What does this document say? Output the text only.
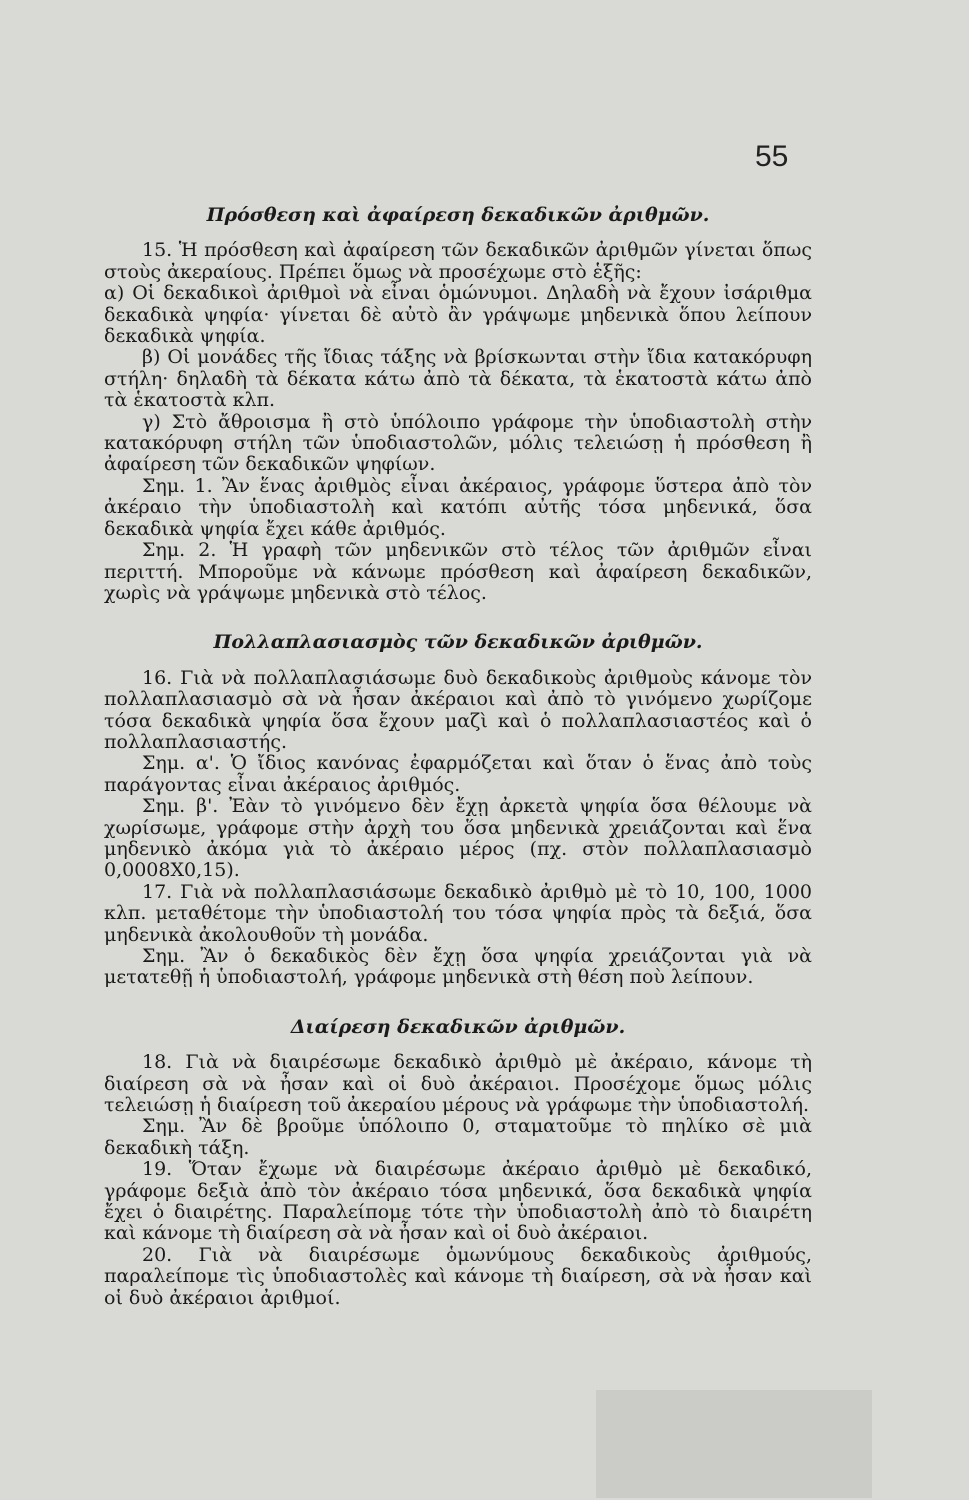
55
Πρόσθεση καὶ ἀφαίρεση δεκαδικῶν ἀριθμῶν.

15. Ἡ πρόσθεση καὶ ἀφαίρεση τῶν δεκαδικῶν ἀριθμῶν γίνεται ὅπως στοὺς ἀκεραίους. Πρέπει ὅμως νὰ προσέχωμε στὸ ἑξῆς:

α) Οἱ δεκαδικοὶ ἀριθμοὶ νὰ εἶναι ὁμώνυμοι. Δηλαδὴ νὰ ἔχουν ἰσάριθμα δεκαδικὰ ψηφία· γίνεται δὲ αὐτὸ ἂν γράψωμε μηδενικὰ ὅπου λείπουν δεκαδικὰ ψηφία.

β) Οἱ μονάδες τῆς ἴδιας τάξης νὰ βρίσκωνται στὴν ἴδια κατακόρυφη στήλη· δηλαδὴ τὰ δέκατα κάτω ἀπὸ τὰ δέκατα, τὰ ἑκατοστὰ κάτω ἀπὸ τὰ ἑκατοστὰ κλπ.

γ) Στὸ ἄθροισμα ἢ στὸ ὑπόλοιπο γράφομε τὴν ὑποδιαστολὴ στὴν κατακόρυφη στήλη τῶν ὑποδιαστολῶν, μόλις τελειώσῃ ἡ πρόσθεση ἢ ἀφαίρεση τῶν δεκαδικῶν ψηφίων.

Σημ. 1. Ἂν ἕνας ἀριθμὸς εἶναι ἀκέραιος, γράφομε ὕστερα ἀπὸ τὸν ἀκέραιο τὴν ὑποδιαστολὴ καὶ κατόπι αὐτῆς τόσα μηδενικά, ὅσα δεκαδικὰ ψηφία ἔχει κάθε ἀριθμός.

Σημ. 2. Ἡ γραφὴ τῶν μηδενικῶν στὸ τέλος τῶν ἀριθμῶν εἶναι περιττή. Μποροῦμε νὰ κάνωμε πρόσθεση καὶ ἀφαίρεση δεκαδικῶν, χωρὶς νὰ γράψωμε μηδενικὰ στὸ τέλος.

Πολλαπλασιασμὸς τῶν δεκαδικῶν ἀριθμῶν.

16. Γιὰ νὰ πολλαπλασιάσωμε δυὸ δεκαδικοὺς ἀριθμοὺς κάνομε τὸν πολλαπλασιασμὸ σὰ νὰ ἦσαν ἀκέραιοι καὶ ἀπὸ τὸ γινόμενο χωρίζομε τόσα δεκαδικὰ ψηφία ὅσα ἔχουν μαζὶ καὶ ὁ πολλαπλασιαστέος καὶ ὁ πολλαπλασιαστής.

Σημ. α'. Ὁ ἴδιος κανόνας ἐφαρμόζεται καὶ ὅταν ὁ ἕνας ἀπὸ τοὺς παράγοντας εἶναι ἀκέραιος ἀριθμός.

Σημ. β'. Ἐὰν τὸ γινόμενο δὲν ἔχῃ ἀρκετὰ ψηφία ὅσα θέλουμε νὰ χωρίσωμε, γράφομε στὴν ἀρχὴ του ὅσα μηδενικὰ χρειάζονται καὶ ἕνα μηδενικὸ ἀκόμα γιὰ τὸ ἀκέραιο μέρος (πχ. στὸν πολλαπλασιασμὸ 0,0008Χ0,15).

17. Γιὰ νὰ πολλαπλασιάσωμε δεκαδικὸ ἀριθμὸ μὲ τὸ 10, 100, 1000 κλπ. μεταθέτομε τὴν ὑποδιαστολή του τόσα ψηφία πρὸς τὰ δεξιά, ὅσα μηδενικὰ ἀκολουθοῦν τὴ μονάδα.

Σημ. Ἂν ὁ δεκαδικὸς δὲν ἔχῃ ὅσα ψηφία χρειάζονται γιὰ νὰ μετατεθῇ ἡ ὑποδιαστολή, γράφομε μηδενικὰ στὴ θέση ποὺ λείπουν.

Διαίρεση δεκαδικῶν ἀριθμῶν.

18. Γιὰ νὰ διαιρέσωμε δεκαδικὸ ἀριθμὸ μὲ ἀκέραιο, κάνομε τὴ διαίρεση σὰ νὰ ἦσαν καὶ οἱ δυὸ ἀκέραιοι. Προσέχομε ὅμως μόλις τελειώσῃ ἡ διαίρεση τοῦ ἀκεραίου μέρους νὰ γράφωμε τὴν ὑποδιαστολή.

Σημ. Ἂν δὲ βροῦμε ὑπόλοιπο 0, σταματοῦμε τὸ πηλίκο σὲ μιὰ δεκαδικὴ τάξη.

19. Ὅταν ἔχωμε νὰ διαιρέσωμε ἀκέραιο ἀριθμὸ μὲ δεκαδικό, γράφομε δεξιὰ ἀπὸ τὸν ἀκέραιο τόσα μηδενικά, ὅσα δεκαδικὰ ψηφία ἔχει ὁ διαιρέτης. Παραλείπομε τότε τὴν ὑποδιαστολὴ ἀπὸ τὸ διαιρέτη καὶ κάνομε τὴ διαίρεση σὰ νὰ ἦσαν καὶ οἱ δυὸ ἀκέραιοι.

20. Γιὰ νὰ διαιρέσωμε ὁμωνύμους δεκαδικοὺς ἀριθμούς, παραλείπομε τὶς ὑποδιαστολὲς καὶ κάνομε τὴ διαίρεση, σὰ νὰ ἦσαν καὶ οἱ δυὸ ἀκέραιοι ἀριθμοί.
